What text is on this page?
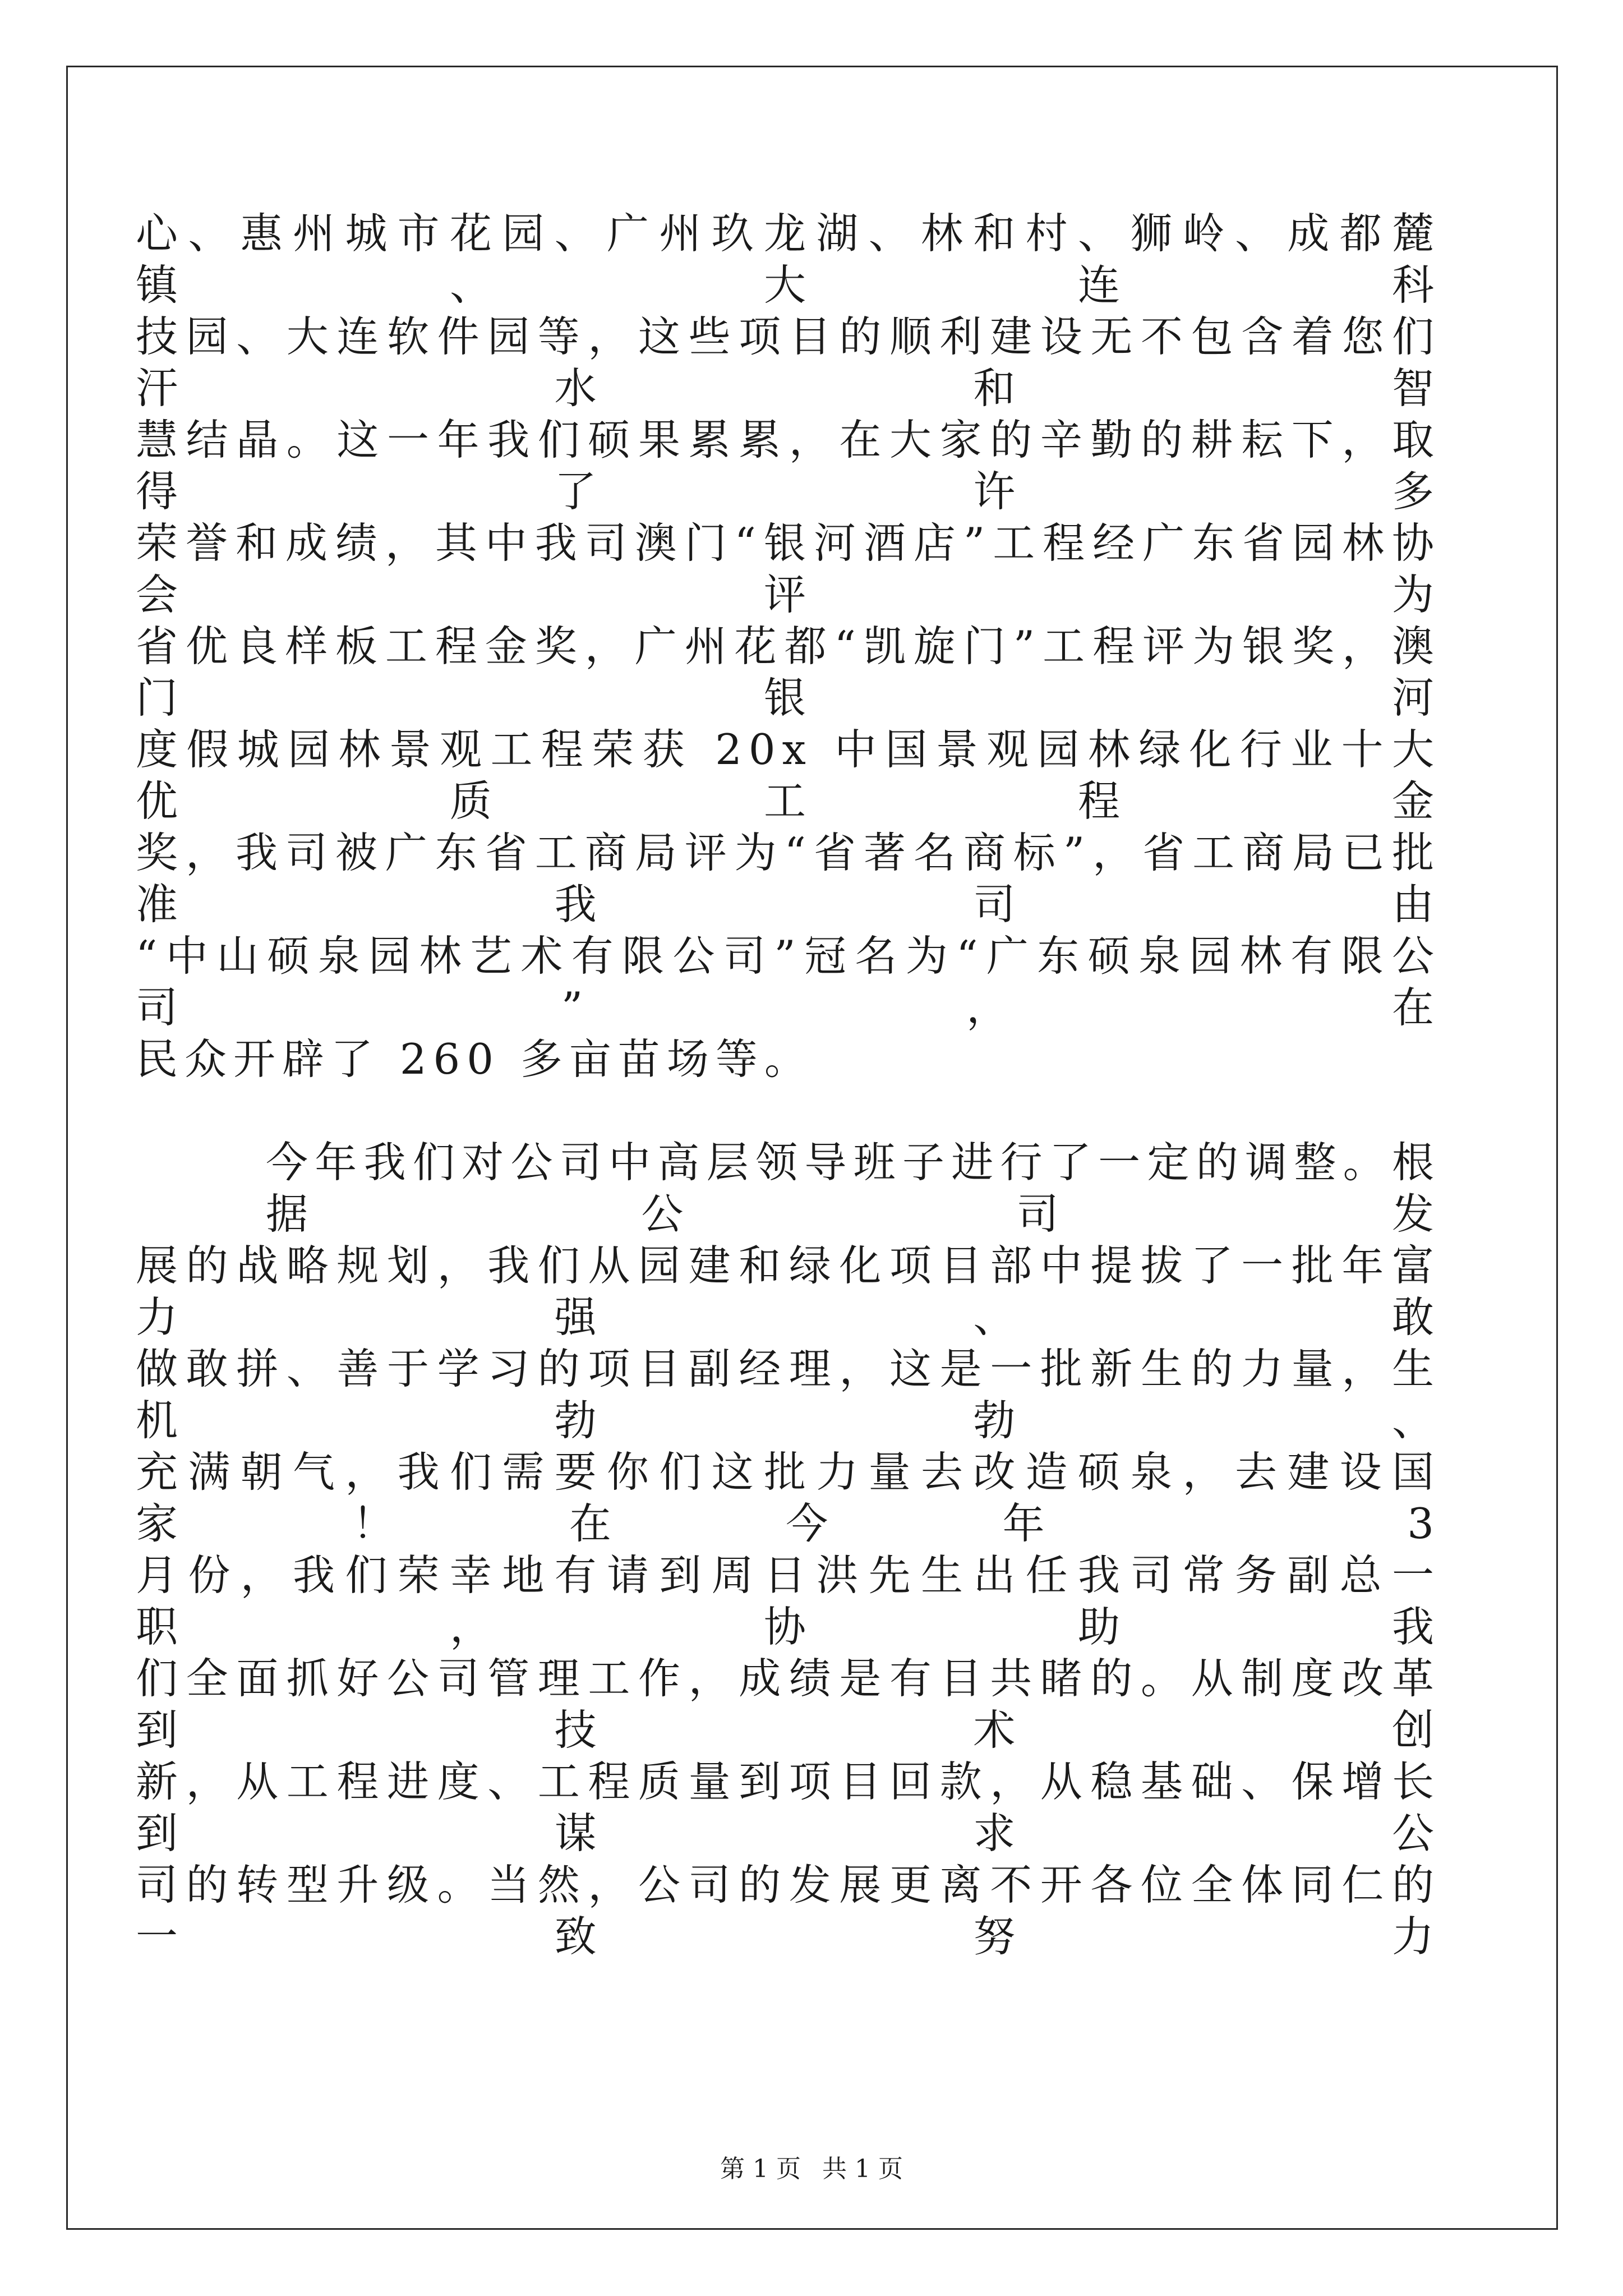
心、惠州城市花园、广州玖龙湖、林和村、狮岭、成都麓镇、大连科
技园、大连软件园等，这些项目的顺利建设无不包含着您们汗水和智
慧结晶。这一年我们硕果累累，在大家的辛勤的耕耘下，取得了许多
荣誉和成绩，其中我司澳门“银河酒店”工程经广东省园林协会评为
省优良样板工程金奖，广州花都“凯旋门”工程评为银奖，澳门银河
度假城园林景观工程荣获 20x 中国景观园林绿化行业十大优质工程金
奖，我司被广东省工商局评为“省著名商标”，省工商局已批准我司由
“中山硕泉园林艺术有限公司”冠名为“广东硕泉园林有限公司”，在
民众开辟了 260 多亩苗场等。
今年我们对公司中高层领导班子进行了一定的调整。根据公司发
展的战略规划，我们从园建和绿化项目部中提拔了一批年富力强、敢
做敢拼、善于学习的项目副经理，这是一批新生的力量，生机勃勃、
充满朝气，我们需要你们这批力量去改造硕泉，去建设国家！在今年 3
月份，我们荣幸地有请到周日洪先生出任我司常务副总一职，协助我
们全面抓好公司管理工作，成绩是有目共睹的。从制度改革到技术创
新，从工程进度、工程质量到项目回款，从稳基础、保增长到谋求公
司的转型升级。当然，公司的发展更离不开各位全体同仁的一致努力
第 1 页 共 1 页
